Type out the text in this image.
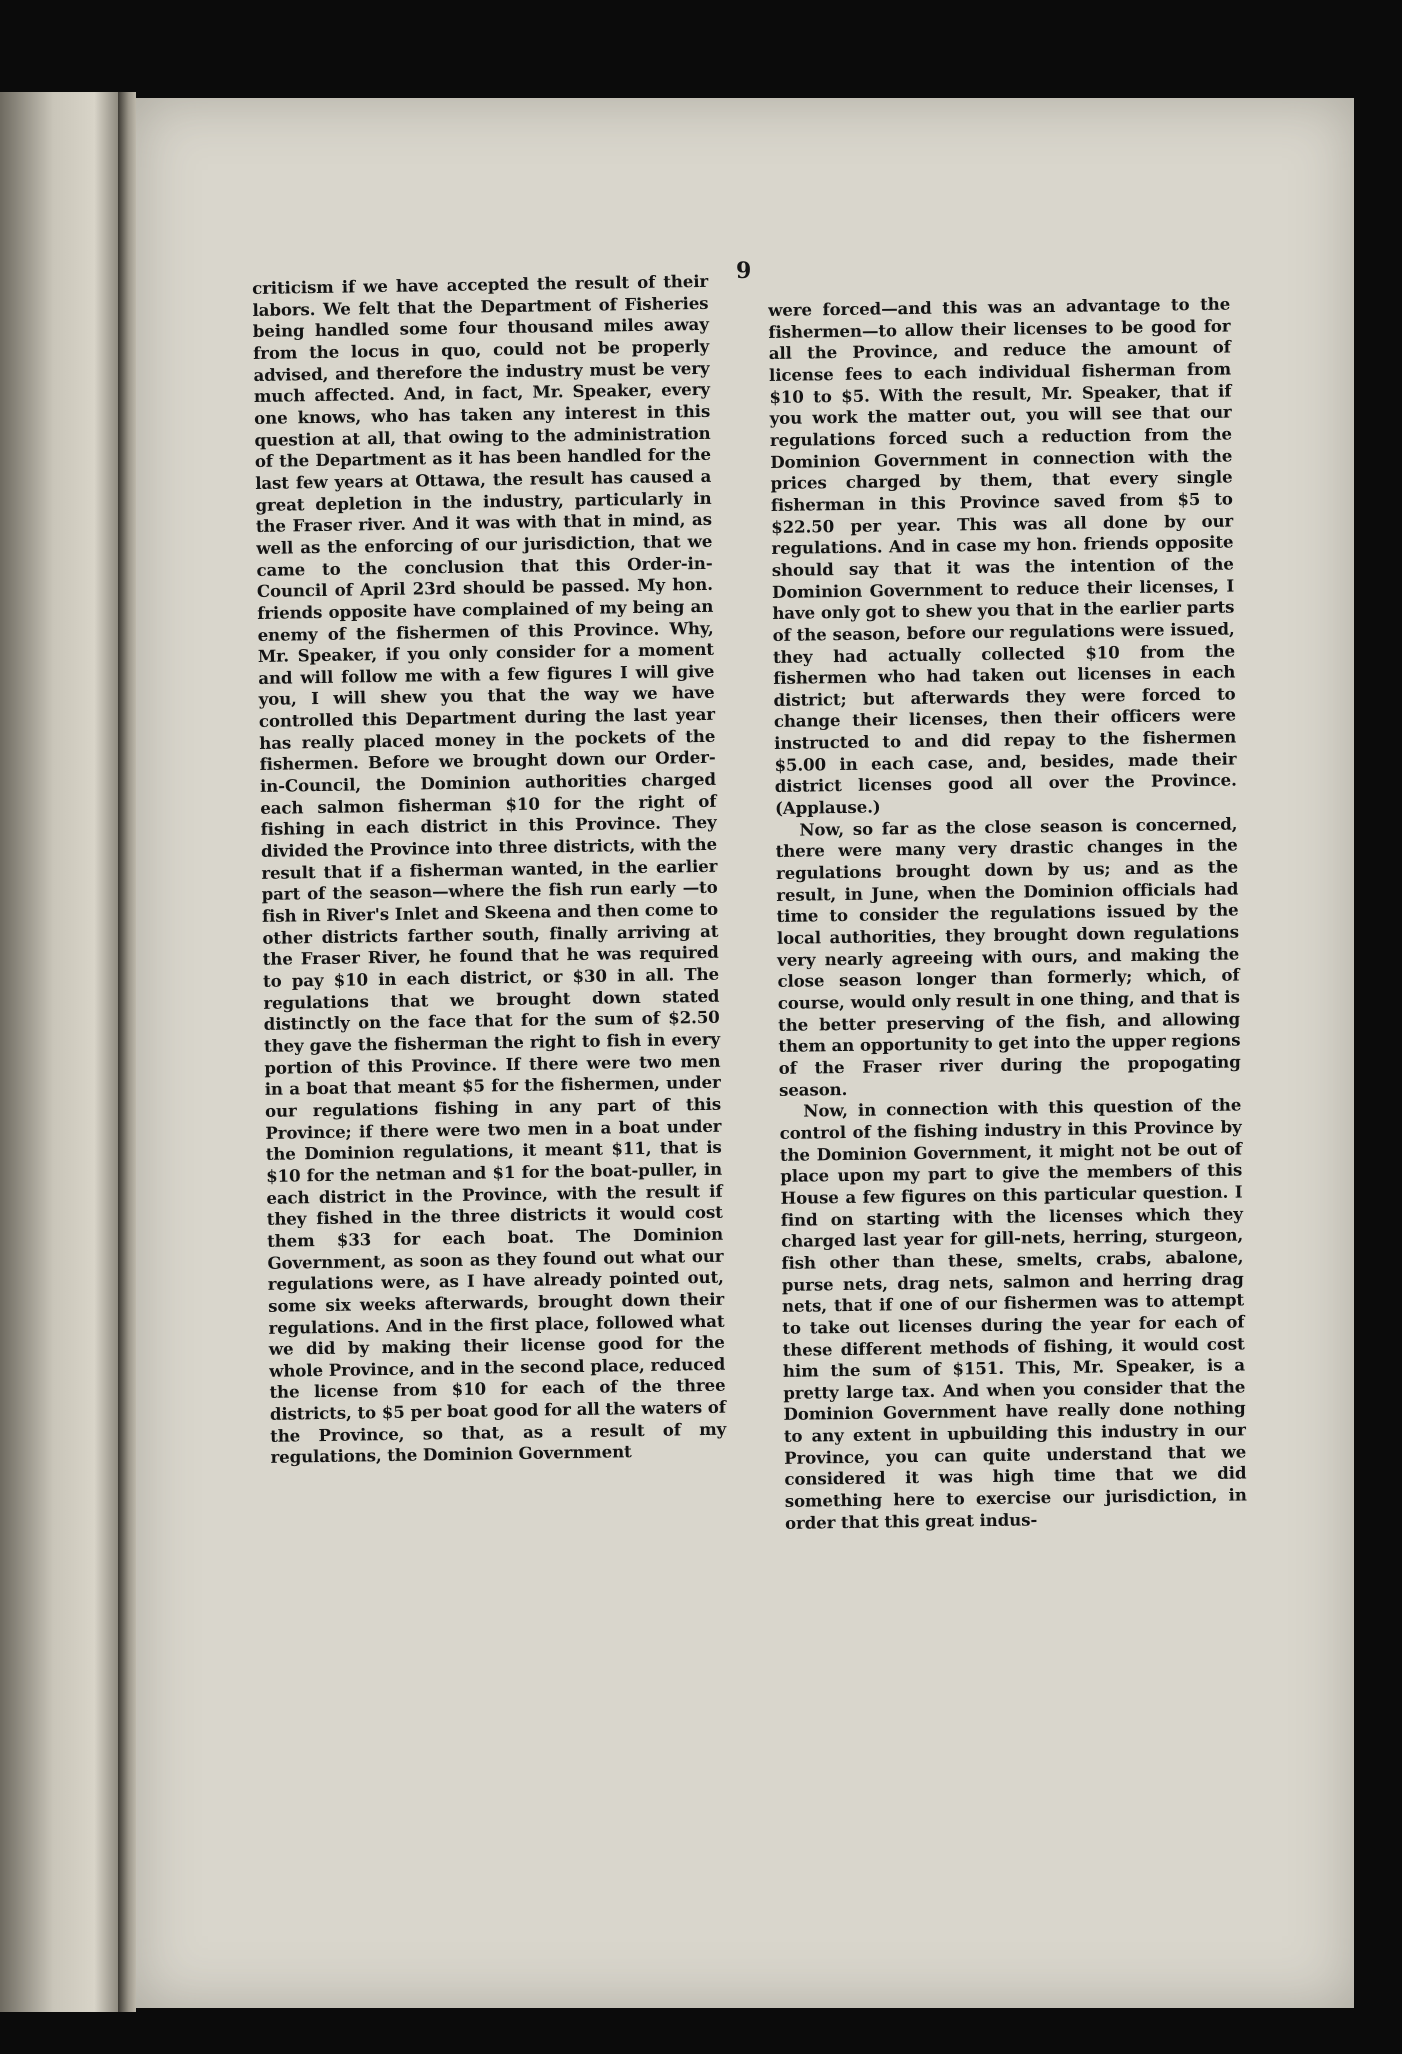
9

criticism if we have accepted the result of their labors. We felt that the Department of Fisheries being handled some four thousand miles away from the locus in quo, could not be properly advised, and therefore the industry must be very much affected. And, in fact, Mr. Speaker, every one knows, who has taken any interest in this question at all, that owing to the administration of the Department as it has been handled for the last few years at Ottawa, the result has caused a great depletion in the industry, particularly in the Fraser river. And it was with that in mind, as well as the enforcing of our jurisdiction, that we came to the conclusion that this Order-in-Council of April 23rd should be passed. My hon. friends opposite have complained of my being an enemy of the fishermen of this Province. Why, Mr. Speaker, if you only consider for a moment and will follow me with a few figures I will give you, I will shew you that the way we have controlled this Department during the last year has really placed money in the pockets of the fishermen. Before we brought down our Order-in-Council, the Dominion authorities charged each salmon fisherman $10 for the right of fishing in each district in this Province. They divided the Province into three districts, with the result that if a fisherman wanted, in the earlier part of the season—where the fish run early —to fish in River's Inlet and Skeena and then come to other districts farther south, finally arriving at the Fraser River, he found that he was required to pay $10 in each district, or $30 in all. The regulations that we brought down stated distinctly on the face that for the sum of $2.50 they gave the fisherman the right to fish in every portion of this Province. If there were two men in a boat that meant $5 for the fishermen, under our regulations fishing in any part of this Province; if there were two men in a boat under the Dominion regulations, it meant $11, that is $10 for the netman and $1 for the boat-puller, in each district in the Province, with the result if they fished in the three districts it would cost them $33 for each boat. The Dominion Government, as soon as they found out what our regulations were, as I have already pointed out, some six weeks afterwards, brought down their regulations. And in the first place, followed what we did by making their license good for the whole Province, and in the second place, reduced the license from $10 for each of the three districts, to $5 per boat good for all the waters of the Province, so that, as a result of my regulations, the Dominion Government

were forced—and this was an advantage to the fishermen—to allow their licenses to be good for all the Province, and reduce the amount of license fees to each individual fisherman from $10 to $5. With the result, Mr. Speaker, that if you work the matter out, you will see that our regulations forced such a reduction from the Dominion Government in connection with the prices charged by them, that every single fisherman in this Province saved from $5 to $22.50 per year. This was all done by our regulations. And in case my hon. friends opposite should say that it was the intention of the Dominion Government to reduce their licenses, I have only got to shew you that in the earlier parts of the season, before our regulations were issued, they had actually collected $10 from the fishermen who had taken out licenses in each district; but afterwards they were forced to change their licenses, then their officers were instructed to and did repay to the fishermen $5.00 in each case, and, besides, made their district licenses good all over the Province. (Applause.)

Now, so far as the close season is concerned, there were many very drastic changes in the regulations brought down by us; and as the result, in June, when the Dominion officials had time to consider the regulations issued by the local authorities, they brought down regulations very nearly agreeing with ours, and making the close season longer than formerly; which, of course, would only result in one thing, and that is the better preserving of the fish, and allowing them an opportunity to get into the upper regions of the Fraser river during the propogating season.

Now, in connection with this question of the control of the fishing industry in this Province by the Dominion Government, it might not be out of place upon my part to give the members of this House a few figures on this particular question. I find on starting with the licenses which they charged last year for gill-nets, herring, sturgeon, fish other than these, smelts, crabs, abalone, purse nets, drag nets, salmon and herring drag nets, that if one of our fishermen was to attempt to take out licenses during the year for each of these different methods of fishing, it would cost him the sum of $151. This, Mr. Speaker, is a pretty large tax. And when you consider that the Dominion Government have really done nothing to any extent in upbuilding this industry in our Province, you can quite understand that we considered it was high time that we did something here to exercise our jurisdiction, in order that this great indus-
